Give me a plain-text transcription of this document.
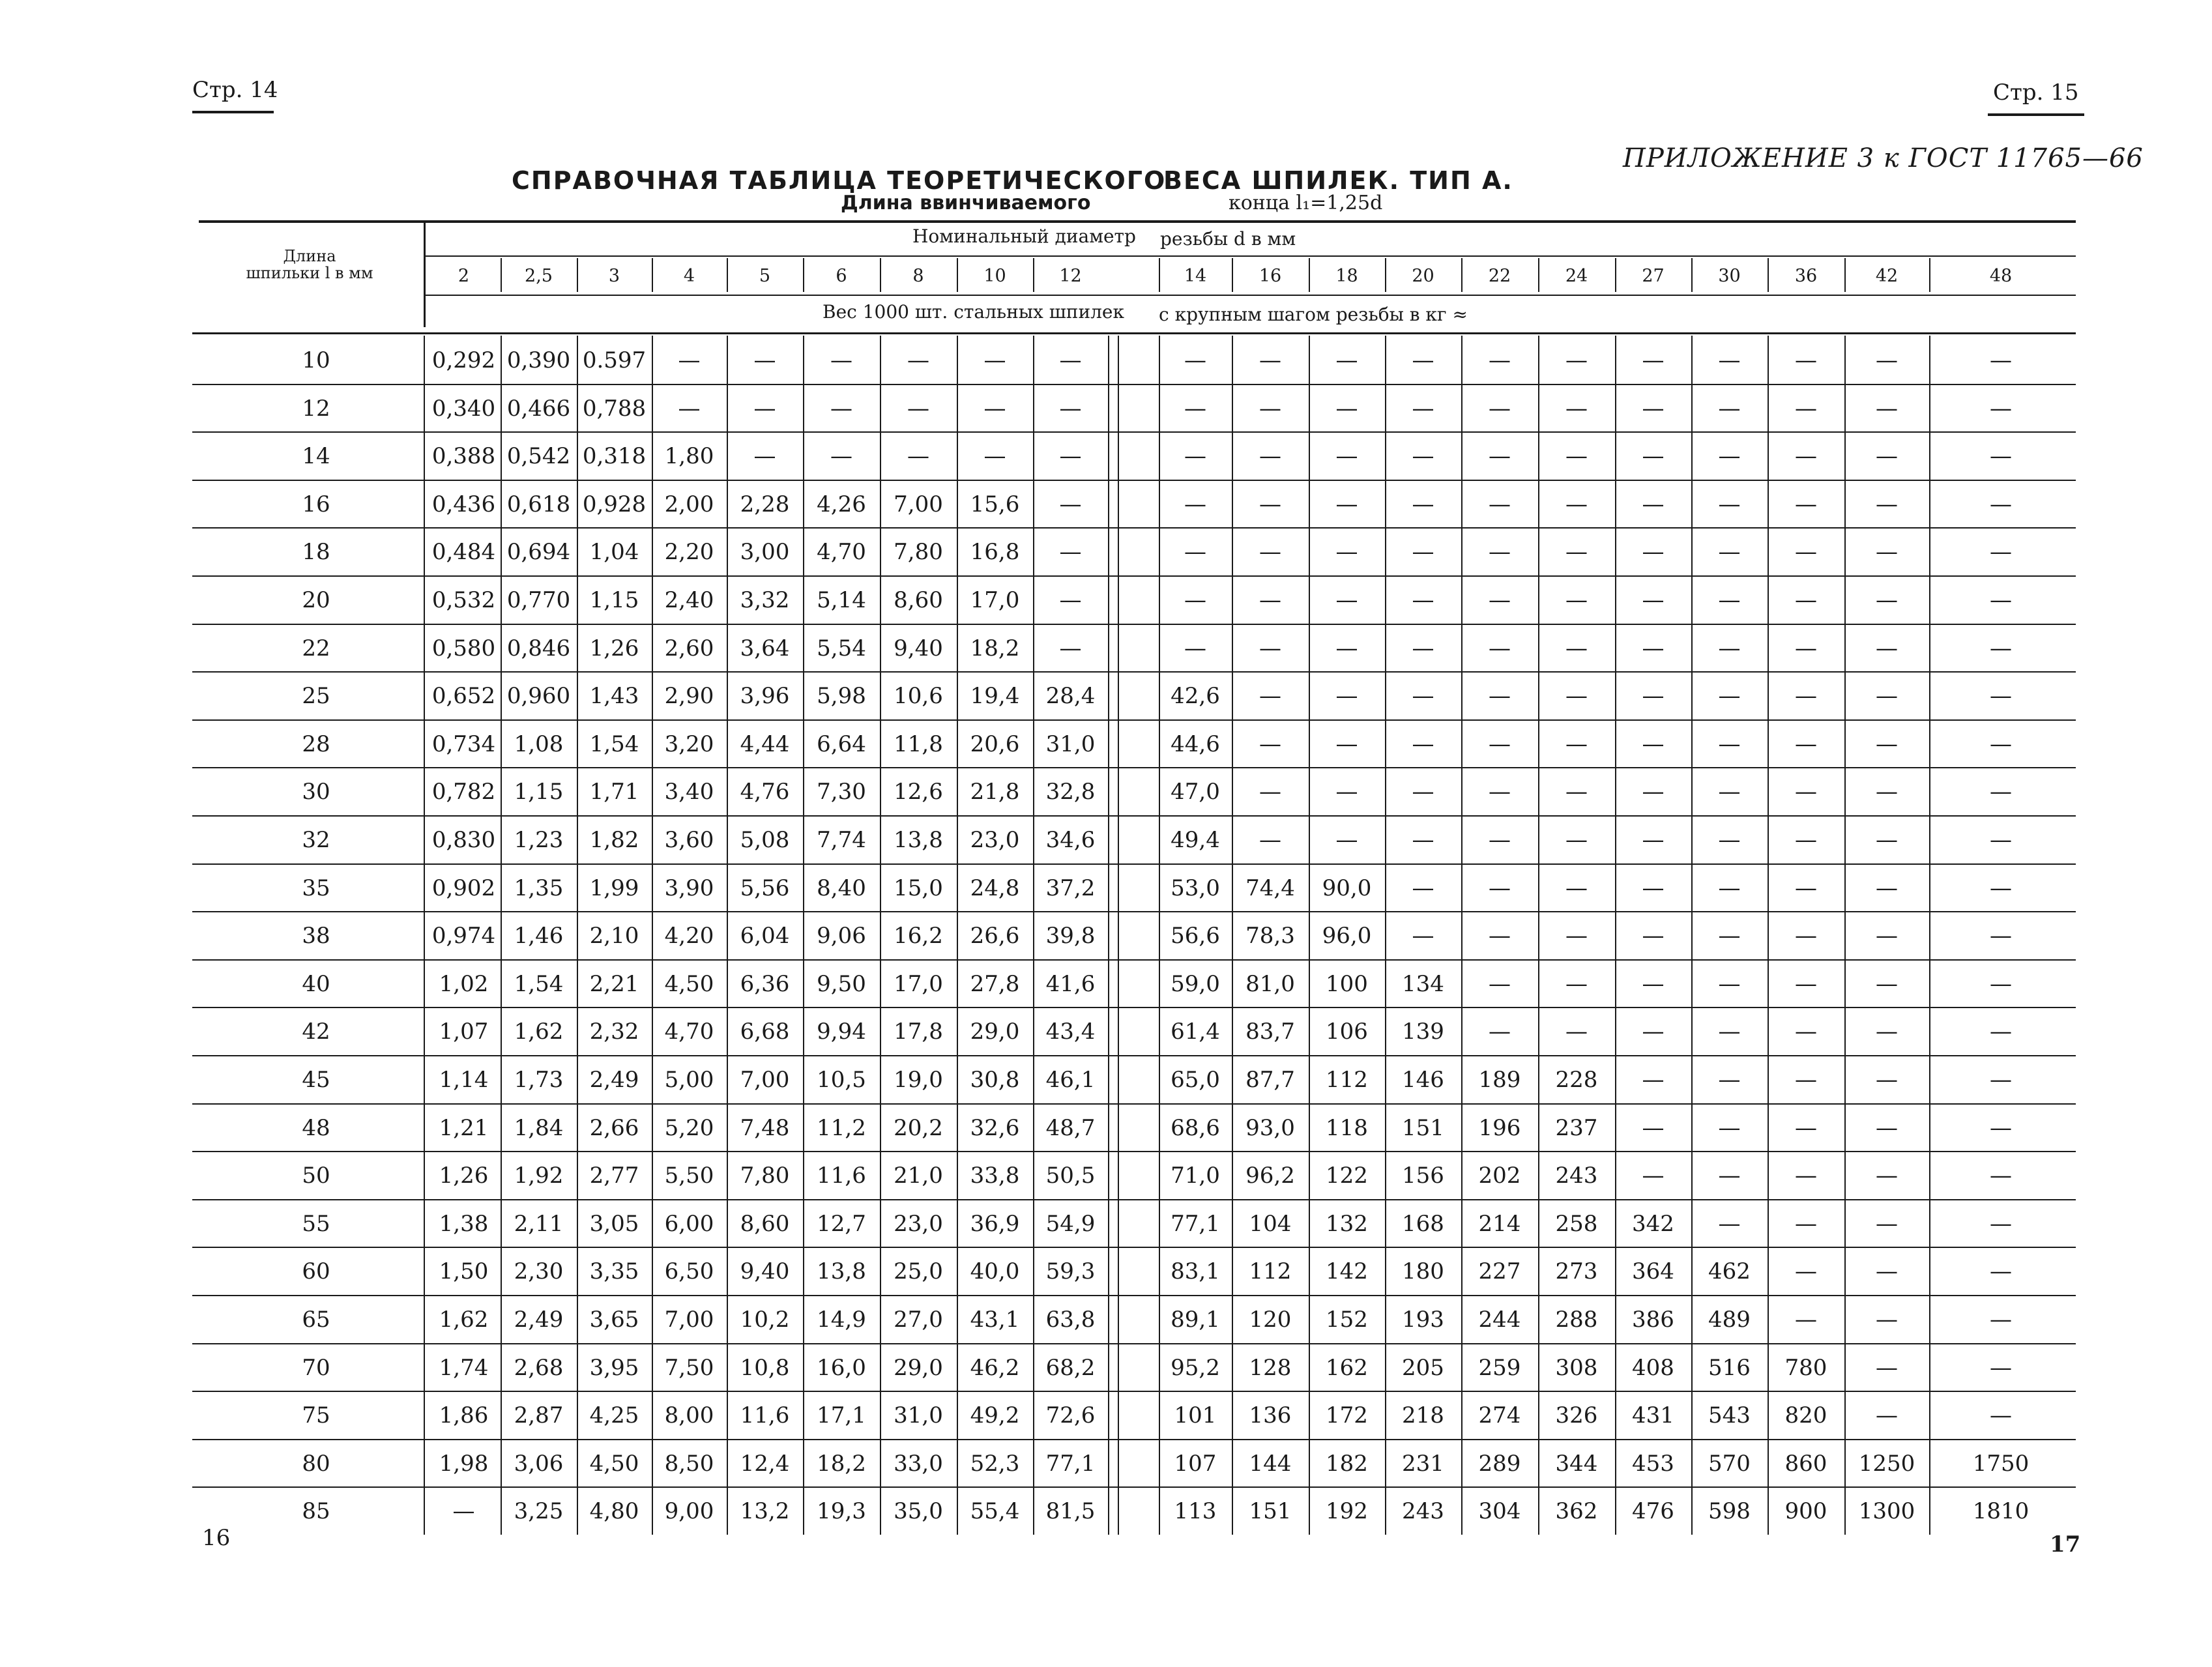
Стр. 14	Стр. 15
ПРИЛОЖЕНИЕ 3 к ГОСТ 11765—66
СПРАВОЧНАЯ ТАБЛИЦА ТЕОРЕТИЧЕСКОГО
ВЕСА ШПИЛЕК. ТИП А.
Длина ввинчиваемого	конца l₁=1,25d
Длина шпильки l в мм
Номинальный диаметр резьбы d в мм
Вес 1000 шт. стальных шпилек с крупным шагом резьбы в кг ≈
2	2,5	3	4	5	6	8	10	12	14	16	18	20	22	24	27	30	36	42	48
10	0,292 0,390 0.597	—	—	—	—	—	—	—	—	—	—	—	—	—	—	—	—	—
12	0,340 0,466 0,788	—	—	—	—	—	—	—	—	—	—	—	—	—	—	—	—	—
14	0,388 0,542 0,318 1,80	—	—	—	—	—	—	—	—	—	—	—	—	—	—	—	—
16	0,436 0,618 0,928 2,00	2,28	4,26	7,00	15,6	—	—	—	—	—	—	—	—	—	—	—	—
18	0,484 0,694 1,04	2,20	3,00	4,70	7,80	16,8	—	—	—	—	—	—	—	—	—	—	—	—
20	0,532 0,770 1,15	2,40	3,32	5,14	8,60	17,0	—	—	—	—	—	—	—	—	—	—	—	—
22	0,580 0,846 1,26	2,60	3,64	5,54	9,40	18,2	—	—	—	—	—	—	—	—	—	—	—	—
25	0,652 0,960 1,43	2,90	3,96	5,98	10,6	19,4	28,4	42,6	—	—	—	—	—	—	—	—	—	—
28	0,734 1,08	1,54	3,20	4,44	6,64	11,8	20,6	31,0	44,6	—	—	—	—	—	—	—	—	—	—
30	0,782 1,15	1,71	3,40	4,76	7,30	12,6	21,8	32,8	47,0	—	—	—	—	—	—	—	—	—	—
32	0,830 1,23	1,82	3,60	5,08	7,74	13,8	23,0	34,6	49,4	—	—	—	—	—	—	—	—	—	—
35	0,902 1,35	1,99	3,90	5,56	8,40	15,0	24,8	37,2	53,0	74,4	90,0	—	—	—	—	—	—	—	—
38	0,974 1,46	2,10	4,20	6,04	9,06	16,2	26,6	39,8	56,6	78,3	96,0	—	—	—	—	—	—	—	—
40	1,02	1,54	2,21	4,50	6,36	9,50	17,0	27,8	41,6	59,0	81,0	100	134	—	—	—	—	—	—	—
42	1,07	1,62	2,32	4,70	6,68	9,94	17,8	29,0	43,4	61,4	83,7	106	139	—	—	—	—	—	—	—
45	1,14	1,73	2,49	5,00	7,00	10,5	19,0	30,8	46,1	65,0	87,7	112	146	189	228	—	—	—	—	—
48	1,21	1,84	2,66	5,20	7,48	11,2	20,2	32,6	48,7	68,6	93,0	118	151	196	237	—	—	—	—	—
50	1,26	1,92	2,77	5,50	7,80	11,6	21,0	33,8	50,5	71,0	96,2	122	156	202	243	—	—	—	—	—
55	1,38	2,11	3,05	6,00	8,60	12,7	23,0	36,9	54,9	77,1	104	132	168	214	258	342	—	—	—	—
60	1,50	2,30	3,35	6,50	9,40	13,8	25,0	40,0	59,3	83,1	112	142	180	227	273	364	462	—	—	—
65	1,62	2,49	3,65	7,00	10,2	14,9	27,0	43,1	63,8	89,1	120	152	193	244	288	386	489	—	—	—
70	1,74	2,68	3,95	7,50	10,8	16,0	29,0	46,2	68,2	95,2	128	162	205	259	308	408	516	780	—	—
75	1,86	2,87	4,25	8,00	11,6	17,1	31,0	49,2	72,6	101	136	172	218	274	326	431	543	820	—	—
80	1,98	3,06	4,50	8,50	12,4	18,2	33,0	52,3	77,1	107	144	182	231	289	344	453	570	860	1250	1750
85	—	3,25	4,80	9,00	13,2	19,3	35,0	55,4	81,5	113	151	192	243	304	362	476	598	900	1300	1810
16	17
